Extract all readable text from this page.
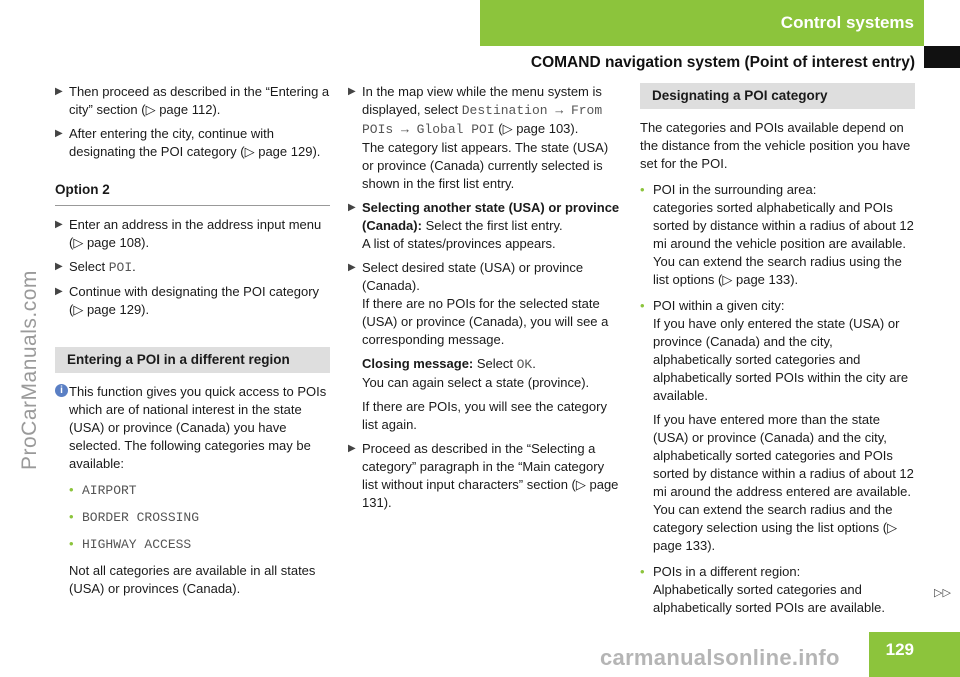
ProCarManuals.com
Control systems
COMAND navigation system (Point of interest entry)
▶ Then proceed as described in the “Entering a city” section (▷ page 112).
▶ After entering the city, continue with designating the POI category (▷ page 129).
Option 2
▶ Enter an address in the address input menu (▷ page 108).
▶ Select POI.
▶ Continue with designating the POI category (▷ page 129).
Entering a POI in a different region
i This function gives you quick access to POIs which are of national interest in the state (USA) or province (Canada) you have selected. The following categories may be available:
• AIRPORT
• BORDER CROSSING
• HIGHWAY ACCESS
Not all categories are available in all states (USA) or provinces (Canada).
▶ In the map view while the menu system is displayed, select Destination → From POIs → Global POI (▷ page 103).
The category list appears. The state (USA) or province (Canada) currently selected is shown in the first list entry.
▶ Selecting another state (USA) or province (Canada): Select the first list entry.
A list of states/provinces appears.
▶ Select desired state (USA) or province (Canada).
If there are no POIs for the selected state (USA) or province (Canada), you will see a corresponding message.
Closing message: Select OK.
You can again select a state (province).
If there are POIs, you will see the category list again.
▶ Proceed as described in the “Selecting a category” paragraph in the “Main category list without input characters” section (▷ page 131).
Designating a POI category
The categories and POIs available depend on the distance from the vehicle position you have set for the POI.
• POI in the surrounding area:
categories sorted alphabetically and POIs sorted by distance within a radius of about 12 mi around the vehicle position are available. You can extend the search radius using the list options (▷ page 133).
• POI within a given city:
If you have only entered the state (USA) or province (Canada) and the city, alphabetically sorted categories and alphabetically sorted POIs within the city are available.
If you have entered more than the state (USA) or province (Canada) and the city, alphabetically sorted categories and POIs sorted by distance within a radius of about 12 mi around the address entered are available. You can extend the search radius and the category selection using the list options (▷ page 133).
• POIs in a different region:
Alphabetically sorted categories and alphabetically sorted POIs are available.
▷▷
129
carmanualsonline.info
